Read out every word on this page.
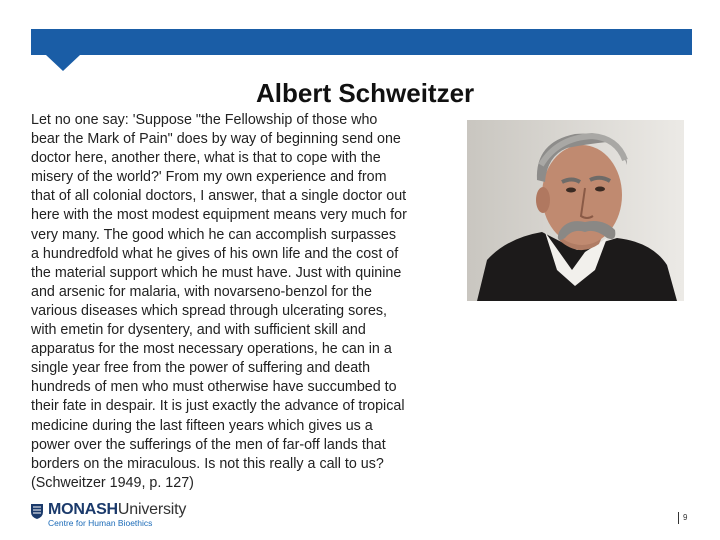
Albert Schweitzer

Let no one say: 'Suppose "the Fellowship of those who
bear the Mark of Pain" does by way of beginning send one
doctor here, another there, what is that to cope with the
misery of the world?' From my own experience and from
that of all colonial doctors, I answer, that a single doctor out
here with the most modest equipment means very much for
very many. The good which he can accomplish surpasses
a hundredfold what he gives of his own life and the cost of
the material support which he must have. Just with quinine
and arsenic for malaria, with novarseno-benzol for the
various diseases which spread through ulcerating sores,
with emetin for dysentery, and with sufficient skill and
apparatus for the most necessary operations, he can in a
single year free from the power of suffering and death
hundreds of men who must otherwise have succumbed to
their fate in despair. It is just exactly the advance of tropical
medicine during the last fifteen years which gives us a
power over the sufferings of the men of far-off lands that
borders on the miraculous. Is not this really a call to us?
(Schweitzer 1949, p. 127)

MONASHUniversity
Centre for Human Bioethics
9
